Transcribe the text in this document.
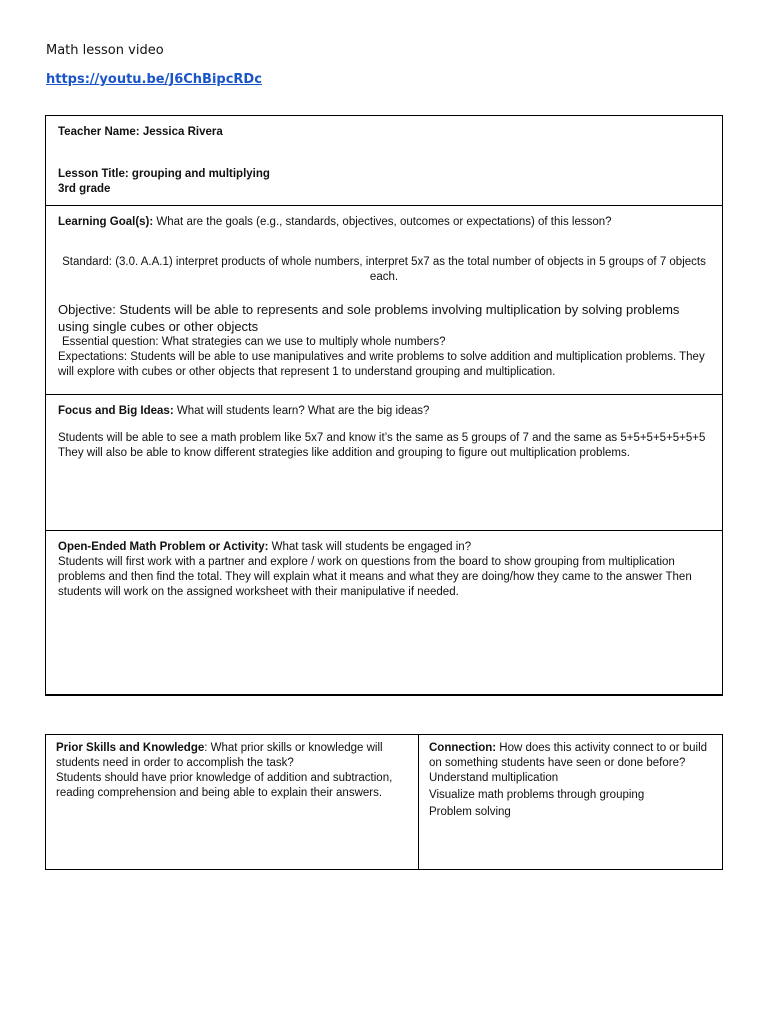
Math lesson video
https://youtu.be/J6ChBipcRDc

Teacher Name: Jessica Rivera

Lesson Title: grouping and multiplying

3rd grade

Learning Goal(s): What are the goals (e.g., standards, objectives, outcomes or expectations) of this lesson?

Standard: (3.0. A.A.1) interpret products of whole numbers, interpret 5x7 as the total number of objects in 5 groups of 7 objects each.

Objective: Students will be able to represents and sole problems involving multiplication by solving problems using single cubes or other objects

Essential question: What strategies can we use to multiply whole numbers?

Expectations: Students will be able to use manipulatives and write problems to solve addition and multiplication problems. They will explore with cubes or other objects that represent 1 to understand grouping and multiplication.

Focus and Big Ideas: What will students learn? What are the big ideas?

Students will be able to see a math problem like 5x7 and know it’s the same as 5 groups of 7 and the same as 5+5+5+5+5+5+5 They will also be able to know different strategies like addition and grouping to figure out multiplication problems.

Open-Ended Math Problem or Activity: What task will students be engaged in?

Students will first work with a partner and explore / work on questions from the board to show grouping from multiplication problems and then find the total. They will explain what it means and what they are doing/how they came to the answer Then students will work on the assigned worksheet with their manipulative if needed.

Prior Skills and Knowledge: What prior skills or knowledge will students need in order to accomplish the task?

Students should have prior knowledge of addition and subtraction, reading comprehension and being able to explain their answers.

Connection: How does this activity connect to or build on something students have seen or done before?

Understand multiplication

Visualize math problems through grouping

Problem solving
